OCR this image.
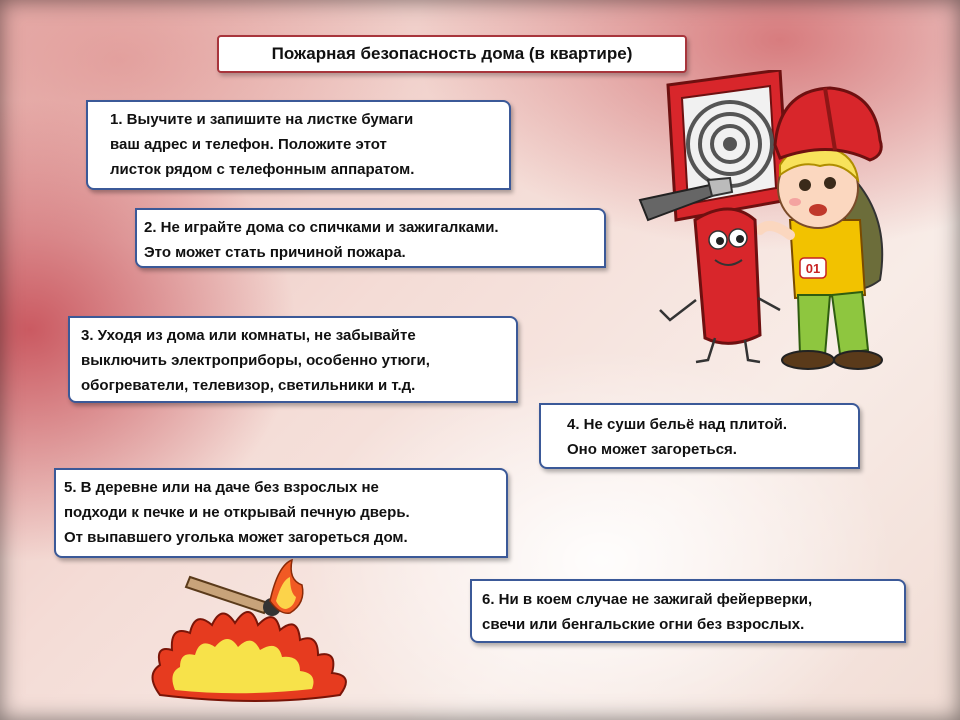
Пожарная безопасность дома (в квартире)
1. Выучите и запишите на листке бумаги
ваш адрес и телефон. Положите этот
листок рядом с телефонным аппаратом.
2. Не играйте дома со спичками и зажигалками.
Это может стать причиной пожара.
3. Уходя из дома или комнаты, не забывайте
выключить электроприборы, особенно утюги,
обогреватели, телевизор, светильники и т.д.
4. Не суши бельё над плитой.
Оно может загореться.
5. В деревне или на даче без взрослых не
подходи к печке и не открывай печную дверь.
От выпавшего уголька может загореться дом.
6. Ни в коем случае не зажигай фейерверки,
свечи или бенгальские огни без взрослых.
01
